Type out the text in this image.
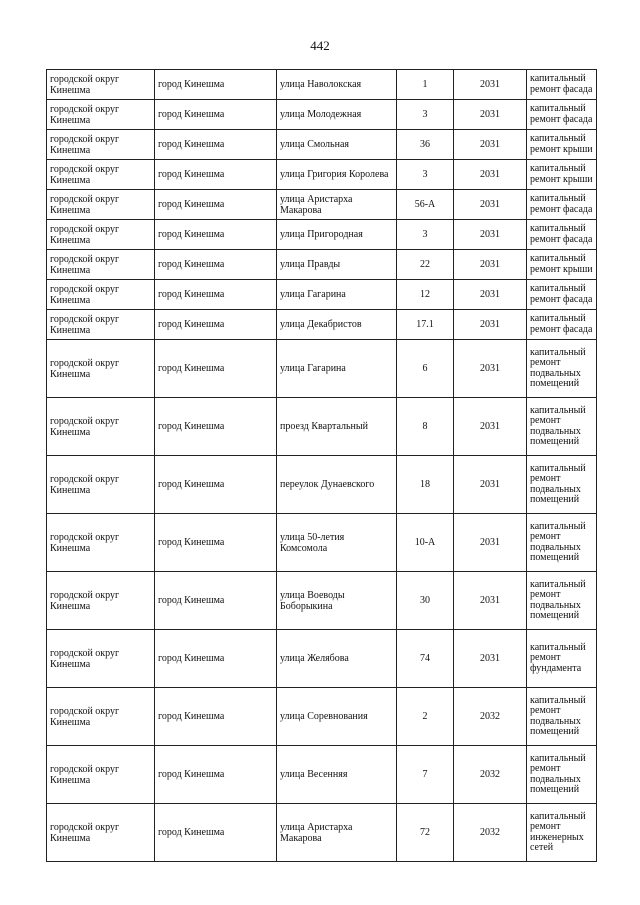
442
городской округ Кинешма	город Кинешма	улица Наволокская	1	2031	капитальный ремонт фасада
городской округ Кинешма	город Кинешма	улица Молодежная	3	2031	капитальный ремонт фасада
городской округ Кинешма	город Кинешма	улица Смольная	36	2031	капитальный ремонт крыши
городской округ Кинешма	город Кинешма	улица Григория Королева	3	2031	капитальный ремонт крыши
городской округ Кинешма	город Кинешма	улица Аристарха Макарова	56-А	2031	капитальный ремонт фасада
городской округ Кинешма	город Кинешма	улица Пригородная	3	2031	капитальный ремонт фасада
городской округ Кинешма	город Кинешма	улица Правды	22	2031	капитальный ремонт крыши
городской округ Кинешма	город Кинешма	улица Гагарина	12	2031	капитальный ремонт фасада
городской округ Кинешма	город Кинешма	улица Декабристов	17.1	2031	капитальный ремонт фасада
городской округ Кинешма	город Кинешма	улица Гагарина	6	2031	капитальный ремонт подвальных помещений
городской округ Кинешма	город Кинешма	проезд Квартальный	8	2031	капитальный ремонт подвальных помещений
городской округ Кинешма	город Кинешма	переулок Дунаевского	18	2031	капитальный ремонт подвальных помещений
городской округ Кинешма	город Кинешма	улица 50-летия Комсомола	10-А	2031	капитальный ремонт подвальных помещений
городской округ Кинешма	город Кинешма	улица Воеводы Боборыкина	30	2031	капитальный ремонт подвальных помещений
городской округ Кинешма	город Кинешма	улица Желябова	74	2031	капитальный ремонт фундамента
городской округ Кинешма	город Кинешма	улица Соревнования	2	2032	капитальный ремонт подвальных помещений
городской округ Кинешма	город Кинешма	улица Весенняя	7	2032	капитальный ремонт подвальных помещений
городской округ Кинешма	город Кинешма	улица Аристарха Макарова	72	2032	капитальный ремонт инженерных сетей
